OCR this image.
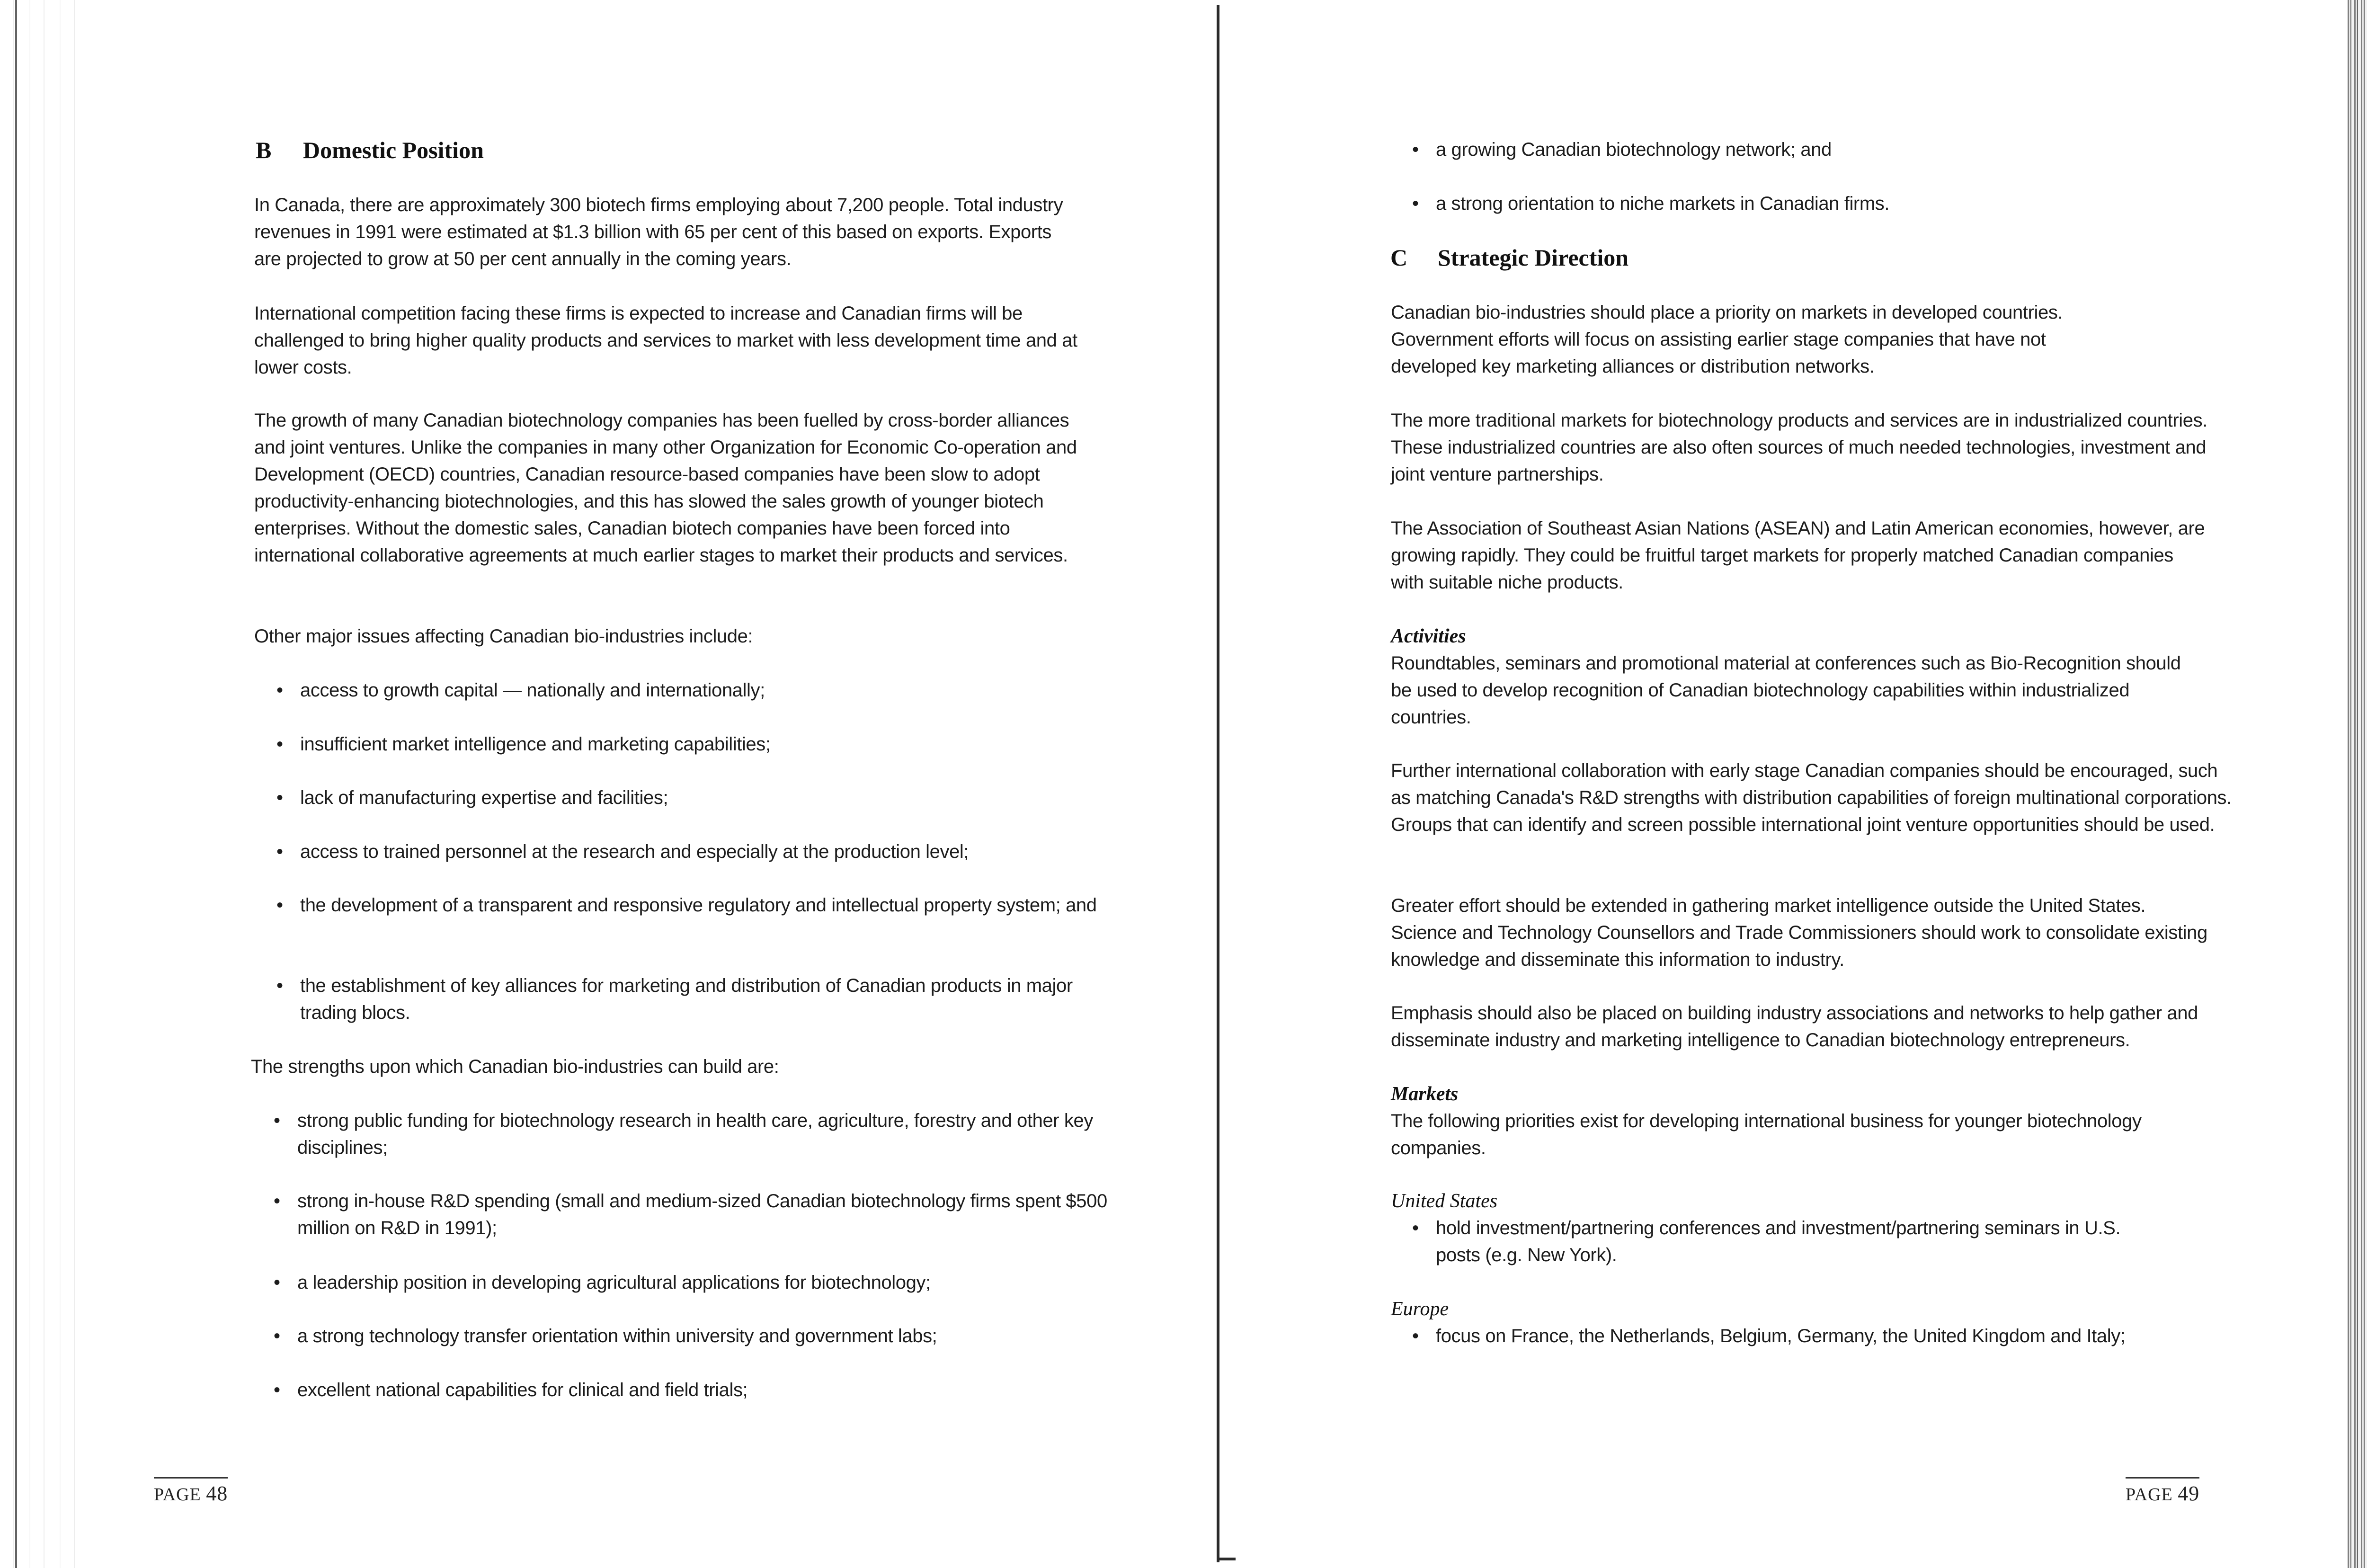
B Domestic Position

In Canada, there are approximately 300 biotech firms employing about 7,200 people. Total industry revenues in 1991 were estimated at $1.3 billion with 65 per cent of this based on exports. Exports are projected to grow at 50 per cent annually in the coming years.

International competition facing these firms is expected to increase and Canadian firms will be challenged to bring higher quality products and services to market with less development time and at lower costs.

The growth of many Canadian biotechnology companies has been fuelled by cross-border alliances and joint ventures. Unlike the companies in many other Organization for Economic Co-operation and Development (OECD) countries, Canadian resource-based companies have been slow to adopt productivity-enhancing biotechnologies, and this has slowed the sales growth of younger biotech enterprises. Without the domestic sales, Canadian biotech companies have been forced into international collaborative agreements at much earlier stages to market their products and services.

Other major issues affecting Canadian bio-industries include:

• access to growth capital — nationally and internationally;

• insufficient market intelligence and marketing capabilities;

• lack of manufacturing expertise and facilities;

• access to trained personnel at the research and especially at the production level;

• the development of a transparent and responsive regulatory and intellectual property system; and

• the establishment of key alliances for marketing and distribution of Canadian products in major trading blocs.

The strengths upon which Canadian bio-industries can build are:

• strong public funding for biotechnology research in health care, agriculture, forestry and other key disciplines;

• strong in-house R&D spending (small and medium-sized Canadian biotechnology firms spent $500 million on R&D in 1991);

• a leadership position in developing agricultural applications for biotechnology;

• a strong technology transfer orientation within university and government labs;

• excellent national capabilities for clinical and field trials;

PAGE 48

• a growing Canadian biotechnology network; and

• a strong orientation to niche markets in Canadian firms.

C Strategic Direction

Canadian bio-industries should place a priority on markets in developed countries. Government efforts will focus on assisting earlier stage companies that have not developed key marketing alliances or distribution networks.

The more traditional markets for biotechnology products and services are in industrialized countries. These industrialized countries are also often sources of much needed technologies, investment and joint venture partnerships.

The Association of Southeast Asian Nations (ASEAN) and Latin American economies, however, are growing rapidly. They could be fruitful target markets for properly matched Canadian companies with suitable niche products.

Activities

Roundtables, seminars and promotional material at conferences such as Bio-Recognition should be used to develop recognition of Canadian biotechnology capabilities within industrialized countries.

Further international collaboration with early stage Canadian companies should be encouraged, such as matching Canada's R&D strengths with distribution capabilities of foreign multinational corporations. Groups that can identify and screen possible international joint venture opportunities should be used.

Greater effort should be extended in gathering market intelligence outside the United States. Science and Technology Counsellors and Trade Commissioners should work to consolidate existing knowledge and disseminate this information to industry.

Emphasis should also be placed on building industry associations and networks to help gather and disseminate industry and marketing intelligence to Canadian biotechnology entrepreneurs.

Markets

The following priorities exist for developing international business for younger biotechnology companies.

United States

• hold investment/partnering conferences and investment/partnering seminars in U.S. posts (e.g. New York).

Europe

• focus on France, the Netherlands, Belgium, Germany, the United Kingdom and Italy;

PAGE 49
